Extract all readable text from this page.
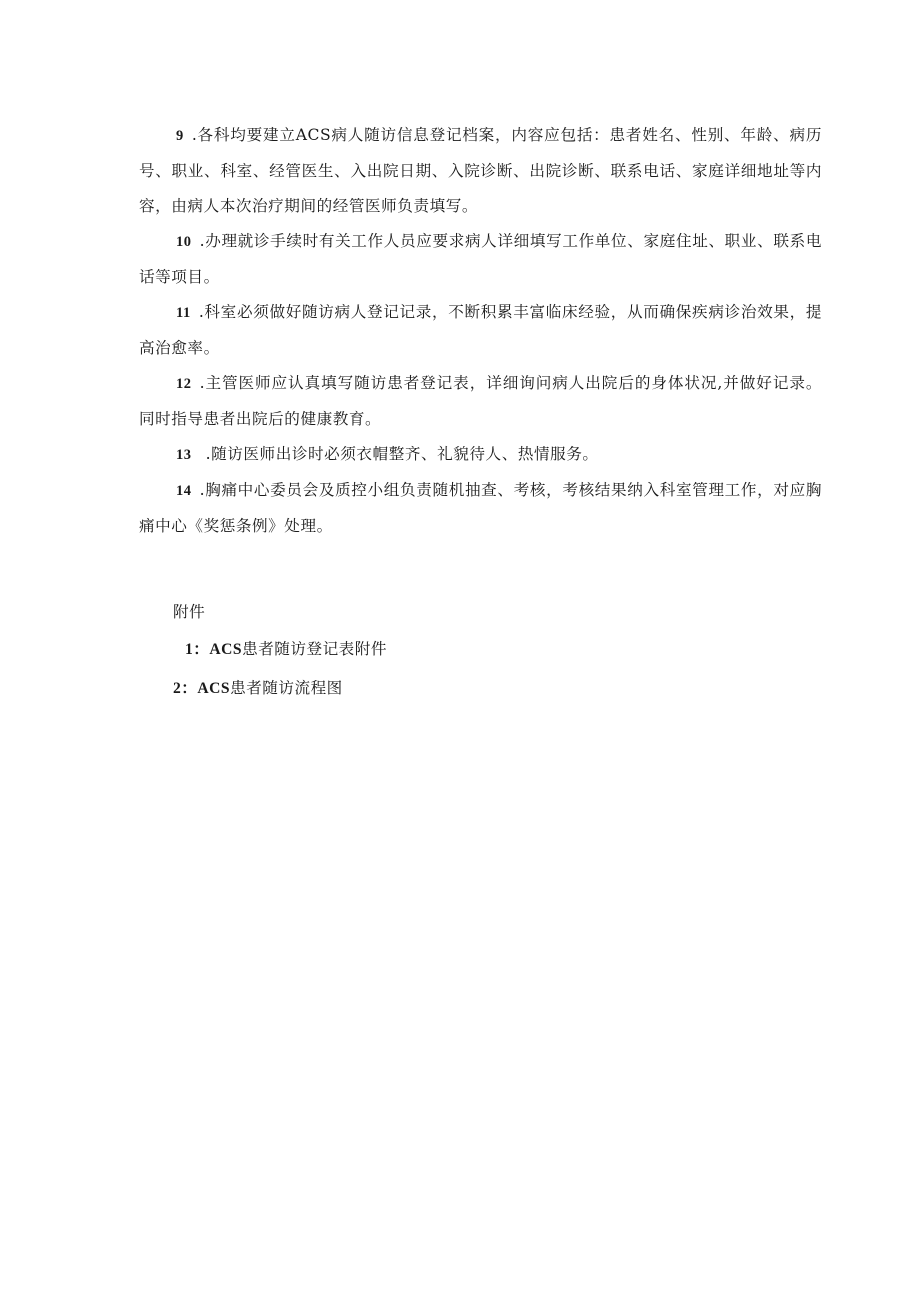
9 .各科均要建立ACS病人随访信息登记档案，内容应包括：患者姓名、性别、年龄、病历号、职业、科室、经管医生、入出院日期、入院诊断、出院诊断、联系电话、家庭详细地址等内容，由病人本次治疗期间的经管医师负责填写。

10 .办理就诊手续时有关工作人员应要求病人详细填写工作单位、家庭住址、职业、联系电话等项目。

11 .科室必须做好随访病人登记记录，不断积累丰富临床经验，从而确保疾病诊治效果，提高治愈率。

12 .主管医师应认真填写随访患者登记表，详细询问病人出院后的身体状况,并做好记录。同时指导患者出院后的健康教育。

13 .随访医师出诊时必须衣帽整齐、礼貌待人、热情服务。

14 .胸痛中心委员会及质控小组负责随机抽查、考核，考核结果纳入科室管理工作，对应胸痛中心《奖惩条例》处理。

附件

1：ACS患者随访登记表附件

2：ACS患者随访流程图
